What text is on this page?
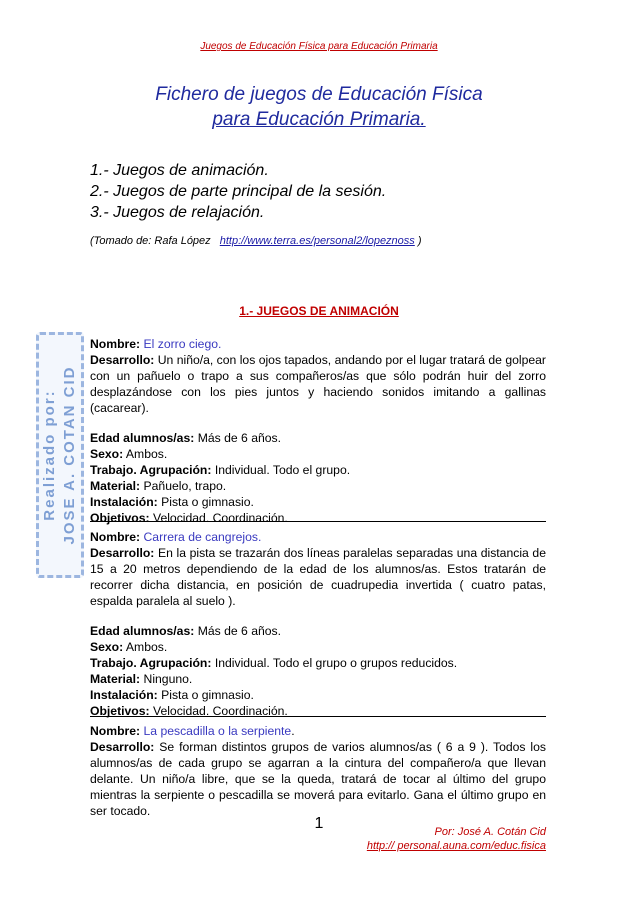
Juegos de Educación Física para Educación Primaria
Fichero de juegos de Educación Física
para Educación Primaria.
1.- Juegos de animación.
2.- Juegos de parte principal de la sesión.
3.- Juegos de relajación.
(Tomado de: Rafa López http://www.terra.es/personal2/lopeznoss )
1.- JUEGOS DE ANIMACIÓN
Realizado por: JOSE A. COTAN CID
Nombre: El zorro ciego.
Desarrollo: Un niño/a, con los ojos tapados, andando por el lugar tratará de golpear con un pañuelo o trapo a sus compañeros/as que sólo podrán huir del zorro desplazándose con los pies juntos y haciendo sonidos imitando a gallinas (cacarear).
Edad alumnos/as: Más de 6 años.
Sexo: Ambos.
Trabajo. Agrupación: Individual. Todo el grupo.
Material: Pañuelo, trapo.
Instalación: Pista o gimnasio.
Objetivos: Velocidad. Coordinación.
Nombre: Carrera de cangrejos.
Desarrollo: En la pista se trazarán dos líneas paralelas separadas una distancia de 15 a 20 metros dependiendo de la edad de los alumnos/as. Estos tratarán de recorrer dicha distancia, en posición de cuadrupedia invertida ( cuatro patas, espalda paralela al suelo ).
Edad alumnos/as: Más de 6 años.
Sexo: Ambos.
Trabajo. Agrupación: Individual. Todo el grupo o grupos reducidos.
Material: Ninguno.
Instalación: Pista o gimnasio.
Objetivos: Velocidad. Coordinación.
Nombre: La pescadilla o la serpiente.
Desarrollo: Se forman distintos grupos de varios alumnos/as ( 6 a 9 ). Todos los alumnos/as de cada grupo se agarran a la cintura del compañero/a que llevan delante. Un niño/a libre, que se la queda, tratará de tocar al último del grupo mientras la serpiente o pescadilla se moverá para evitarlo. Gana el último grupo en ser tocado.
1	Por: José A. Cotán Cid
http:// personal.auna.com/educ.fisica
